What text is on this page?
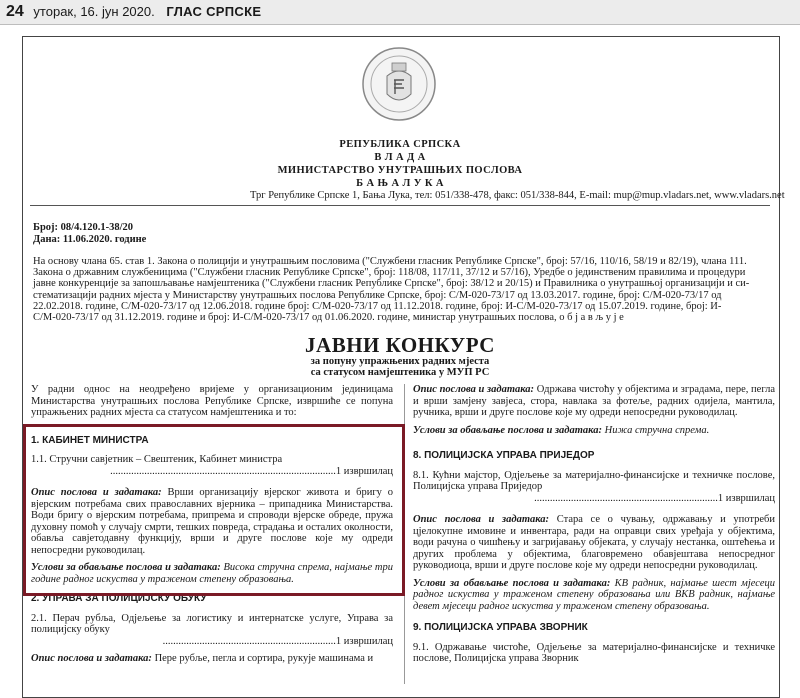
24 уторак, 16. јун 2020. ГЛАС СРПСКЕ
РЕПУБЛИКА СРПСКА
В Л А Д А
МИНИСТАРСТВО УНУТРАШЊИХ ПОСЛОВА
Б А Њ А Л У К А
Трг Републике Српске 1, Бања Лука, тел: 051/338-478, факс: 051/338-844, E-mail: mup@mup.vladars.net, www.vladars.net
Број: 08/4.120.1-38/20
Дана: 11.06.2020. године
На основу члана 65. став 1. Закона о полицији и унутрашњим пословима ("Службени гласник Републике Српске", број: 57/16, 110/16, 58/19 и 82/19), члана 111.
Закона о државним службеницима ("Службени гласник Републике Српске", број: 118/08, 117/11, 37/12 и 57/16), Уредбе о јединственим правилима и процедури
јавне конкуренције за запошљавање намјештеника ("Службени гласник Републике Српске", број: 38/12 и 20/15) и Правилника о унутрашњој организацији и си-
стематизацији радних мјеста у Министарству унутрашњих послова Републике Српске, број: С/М-020-73/17 од 13.03.2017. године, број: С/М-020-73/17 од
22.02.2018. године, С/М-020-73/17 од 12.06.2018. године број: С/М-020-73/17 од 11.12.2018. године, број: И-С/М-020-73/17 од 15.07.2019. године, број: И-
С/М-020-73/17 од 31.12.2019. године и број: И-С/М-020-73/17 од 01.06.2020. године, министар унутрашњих послова, о б ј а в љ у ј е
ЈАВНИ КОНКУРС
за попуну упражњених радних мјеста
са статусом намјештеника у МУП РС

У радни однос на неодређено вријеме у организационим јединицама Министарства унутрашњих послова Републике Српске, извршиће се попуна упражњених радних мјеста са статусом намјештеника и то:

1. КАБИНЕТ МИНИСТРА

1.1. Стручни савјетник – Свештеник, Кабинет министра

......................................................................................1 извршилац

Опис послова и задатака: Врши организацију вјерског живота и бригу о вјерским потребама свих православних вјерника – припадника Министарства. Води бригу о вјерским потребама, припрема и спроводи вјерске обреде, пружа духовну помоћ у случају смрти, тешких повреда, страдања и осталих околности, обавља савјетодавну функцију, врши и друге послове које му одреди непосредни руководилац.

Услови за обављање послова и задатака: Висока стручна спрема, најмање три године радног искуства у траженом степену образовања.

2. УПРАВА ЗА ПОЛИЦИЈСКУ ОБУКУ

2.1. Перач рубља, Одјељење за логистику и интернатске услуге, Управа за полицијску обуку

..................................................................1 извршилац

Опис послова и задатака: Пере рубље, пегла и сортира, рукује машинама и

Опис послова и задатака: Одржава чистоћу у објектима и зградама, пере, пегла и врши замјену завјеса, стора, навлака за фотеље, радних одијела, мантила, ручника, врши и друге послове које му одреди непосредни руководилац.

Услови за обављање послова и задатака: Нижа стручна спрема.

8. ПОЛИЦИЈСКА УПРАВА ПРИЈЕДОР

8.1. Кућни мајстор, Одјељење за материјално-финансијске и техничке послове, Полицијска управа Приједор

......................................................................1 извршилац

Опис послова и задатака: Стара се о чувању, одржавању и употреби цјелокупне имовине и инвентара, ради на оправци свих уређаја у објектима, води рачуна о чишћењу и загријавању објеката, у случају нестанка, оштећења и других проблема у објектима, благовремено обавјештава непосредног руководиоца, врши и друге послове које му одреди непосредни руководилац.

Услови за обављање послова и задатака: КВ радник, најмање шест мјесеци радног искуства у траженом степену образовања или ВКВ радник, најмање девет мјесеци радног искуства у траженом степену образовања.

9. ПОЛИЦИЈСКА УПРАВА ЗВОРНИК

9.1. Одржавање чистоће, Одјељење за материјално-финансијске и техничке послове, Полицијска управа Зворник
